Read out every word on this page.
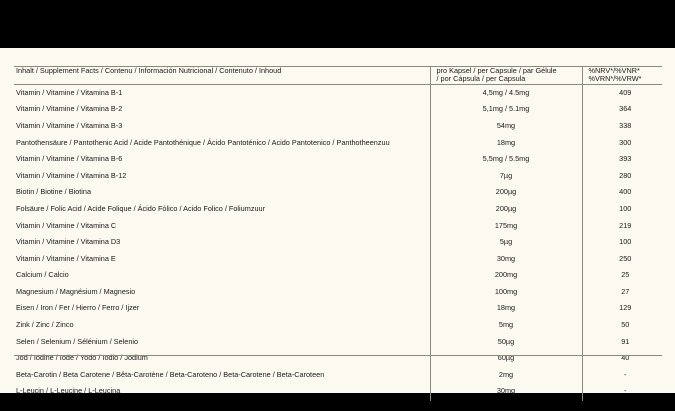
Inhalt / Supplement Facts / Contenu / Información Nutricional / Contenuto / Inhoud	pro Kapsel / per Capsule / par Gélule
/ por Cápsula / per Capsula	%NRV*/%VNR*
%VRN*/%VRW*

Vitamin / Vitamine / Vitamina B-1	4,5mg / 4.5mg	409
Vitamin / Vitamine / Vitamina B-2	5,1mg / 5.1mg	364
Vitamin / Vitamine / Vitamina B-3	54mg	338
Pantothensäure / Pantothenic Acid / Acide Pantothénique / Ácido Pantoténico / Acido Pantotenico / Panthotheenzuu	18mg	300
Vitamin / Vitamine / Vitamina B-6	5,5mg / 5.5mg	393
Vitamin / Vitamine / Vitamina B-12	7µg	280
Biotin / Biotine / Biotina	200µg	400
Folsäure / Folic Acid / Acide Folique / Ácido Fólico / Acido Folico / Foliumzuur	200µg	100
Vitamin / Vitamine / Vitamina C	175mg	219
Vitamin / Vitamine / Vitamina D3	5µg	100
Vitamin / Vitamine / Vitamina E	30mg	250
Calcium / Calcio	200mg	25
Magnesium / Magnésium / Magnesio	100mg	27
Eisen / Iron / Fer / Hierro / Ferro / Ijzer	18mg	129
Zink / Zinc / Zinco	5mg	50
Selen / Selenium / Sélénium / Selenio	50µg	91
Jod / Iodine / Iode / Yodo / Iodio / Jodium	60µg	40
Beta-Carotin / Beta Carotene / Bêta-Carotène / Beta-Caroteno / Beta-Carotene / Beta-Caroteen	2mg	-
L-Leucin / L-Leucine / L-Leucina	30mg	-
